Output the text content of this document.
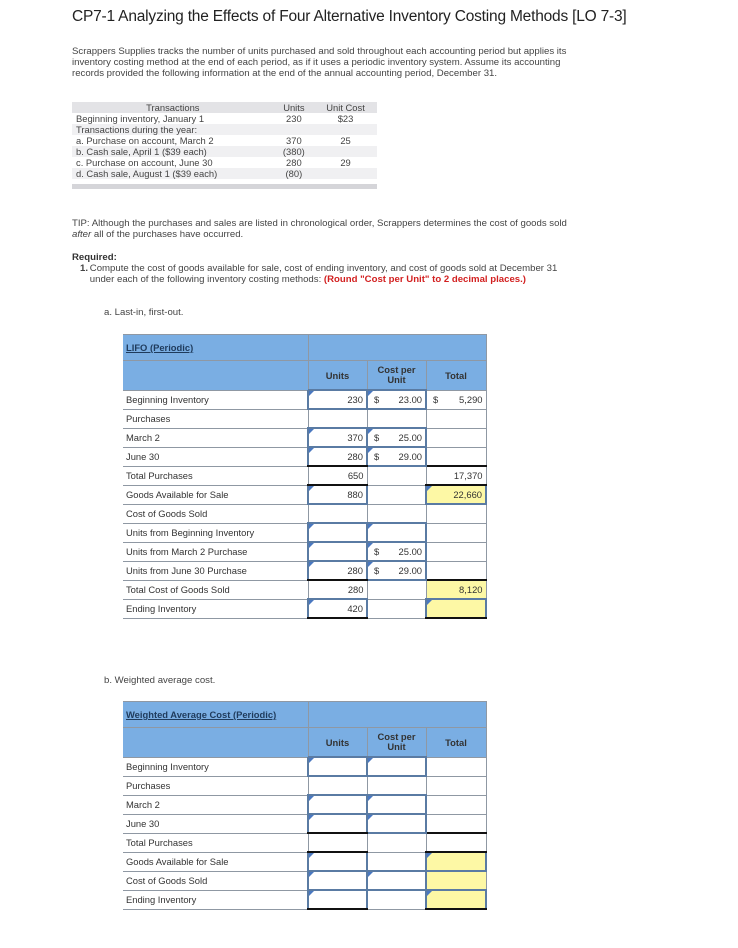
CP7-1 Analyzing the Effects of Four Alternative Inventory Costing Methods [LO 7-3]
Scrappers Supplies tracks the number of units purchased and sold throughout each accounting period but applies its inventory costing method at the end of each period, as if it uses a periodic inventory system. Assume its accounting records provided the following information at the end of the annual accounting period, December 31.
Transactions	Units	Unit Cost
Beginning inventory, January 1	230	$23
Transactions during the year:		
a. Purchase on account, March 2	370	25
b. Cash sale, April 1 ($39 each)	(380)	
c. Purchase on account, June 30	280	29
d. Cash sale, August 1 ($39 each)	(80)	
TIP: Although the purchases and sales are listed in chronological order, Scrappers determines the cost of goods sold after all of the purchases have occurred.
Required:
1. Compute the cost of goods available for sale, cost of ending inventory, and cost of goods sold at December 31 under each of the following inventory costing methods: (Round "Cost per Unit" to 2 decimal places.)
a. Last-in, first-out.
LIFO (Periodic)			
	Units	Cost per Unit	Total
Beginning Inventory	230	$ 23.00	$ 5,290

Purchases			
March 2	370	$ 25.00	

June 30	280	$ 29.00	

Total Purchases	650		17,370
Goods Available for Sale	880		22,660
Cost of Goods Sold			
Units from Beginning Inventory			
Units from March 2 Purchase		$ 25.00	

Units from June 30 Purchase	280	$ 29.00	

Total Cost of Goods Sold	280		8,120
Ending Inventory	420		
b. Weighted average cost.
Weighted Average Cost (Periodic)			
	Units	Cost per Unit	Total
Beginning Inventory			
Purchases			
March 2			
June 30			
Total Purchases			
Goods Available for Sale			
Cost of Goods Sold			
Ending Inventory			
